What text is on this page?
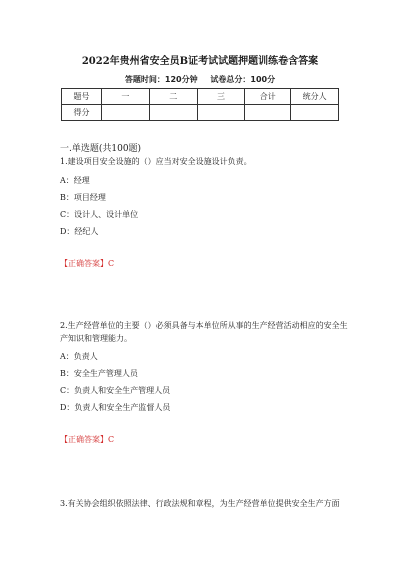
2022年贵州省安全员B证考试试题押题训练卷含答案
答题时间：120分钟 试卷总分：100分
题号	一	二	三	合计	统分人
得分					
一.单选题(共100题)
1.建设项目安全设施的（）应当对安全设施设计负责。
A：经理
B：项目经理
C：设计人、设计单位
D：经纪人
【正确答案】C
2.生产经营单位的主要（）必须具备与本单位所从事的生产经营活动相应的安全生产知识和管理能力。
A：负责人
B：安全生产管理人员
C：负责人和安全生产管理人员
D：负责人和安全生产监督人员
【正确答案】C
3.有关协会组织依照法律、行政法规和章程，为生产经营单位提供安全生产方面
